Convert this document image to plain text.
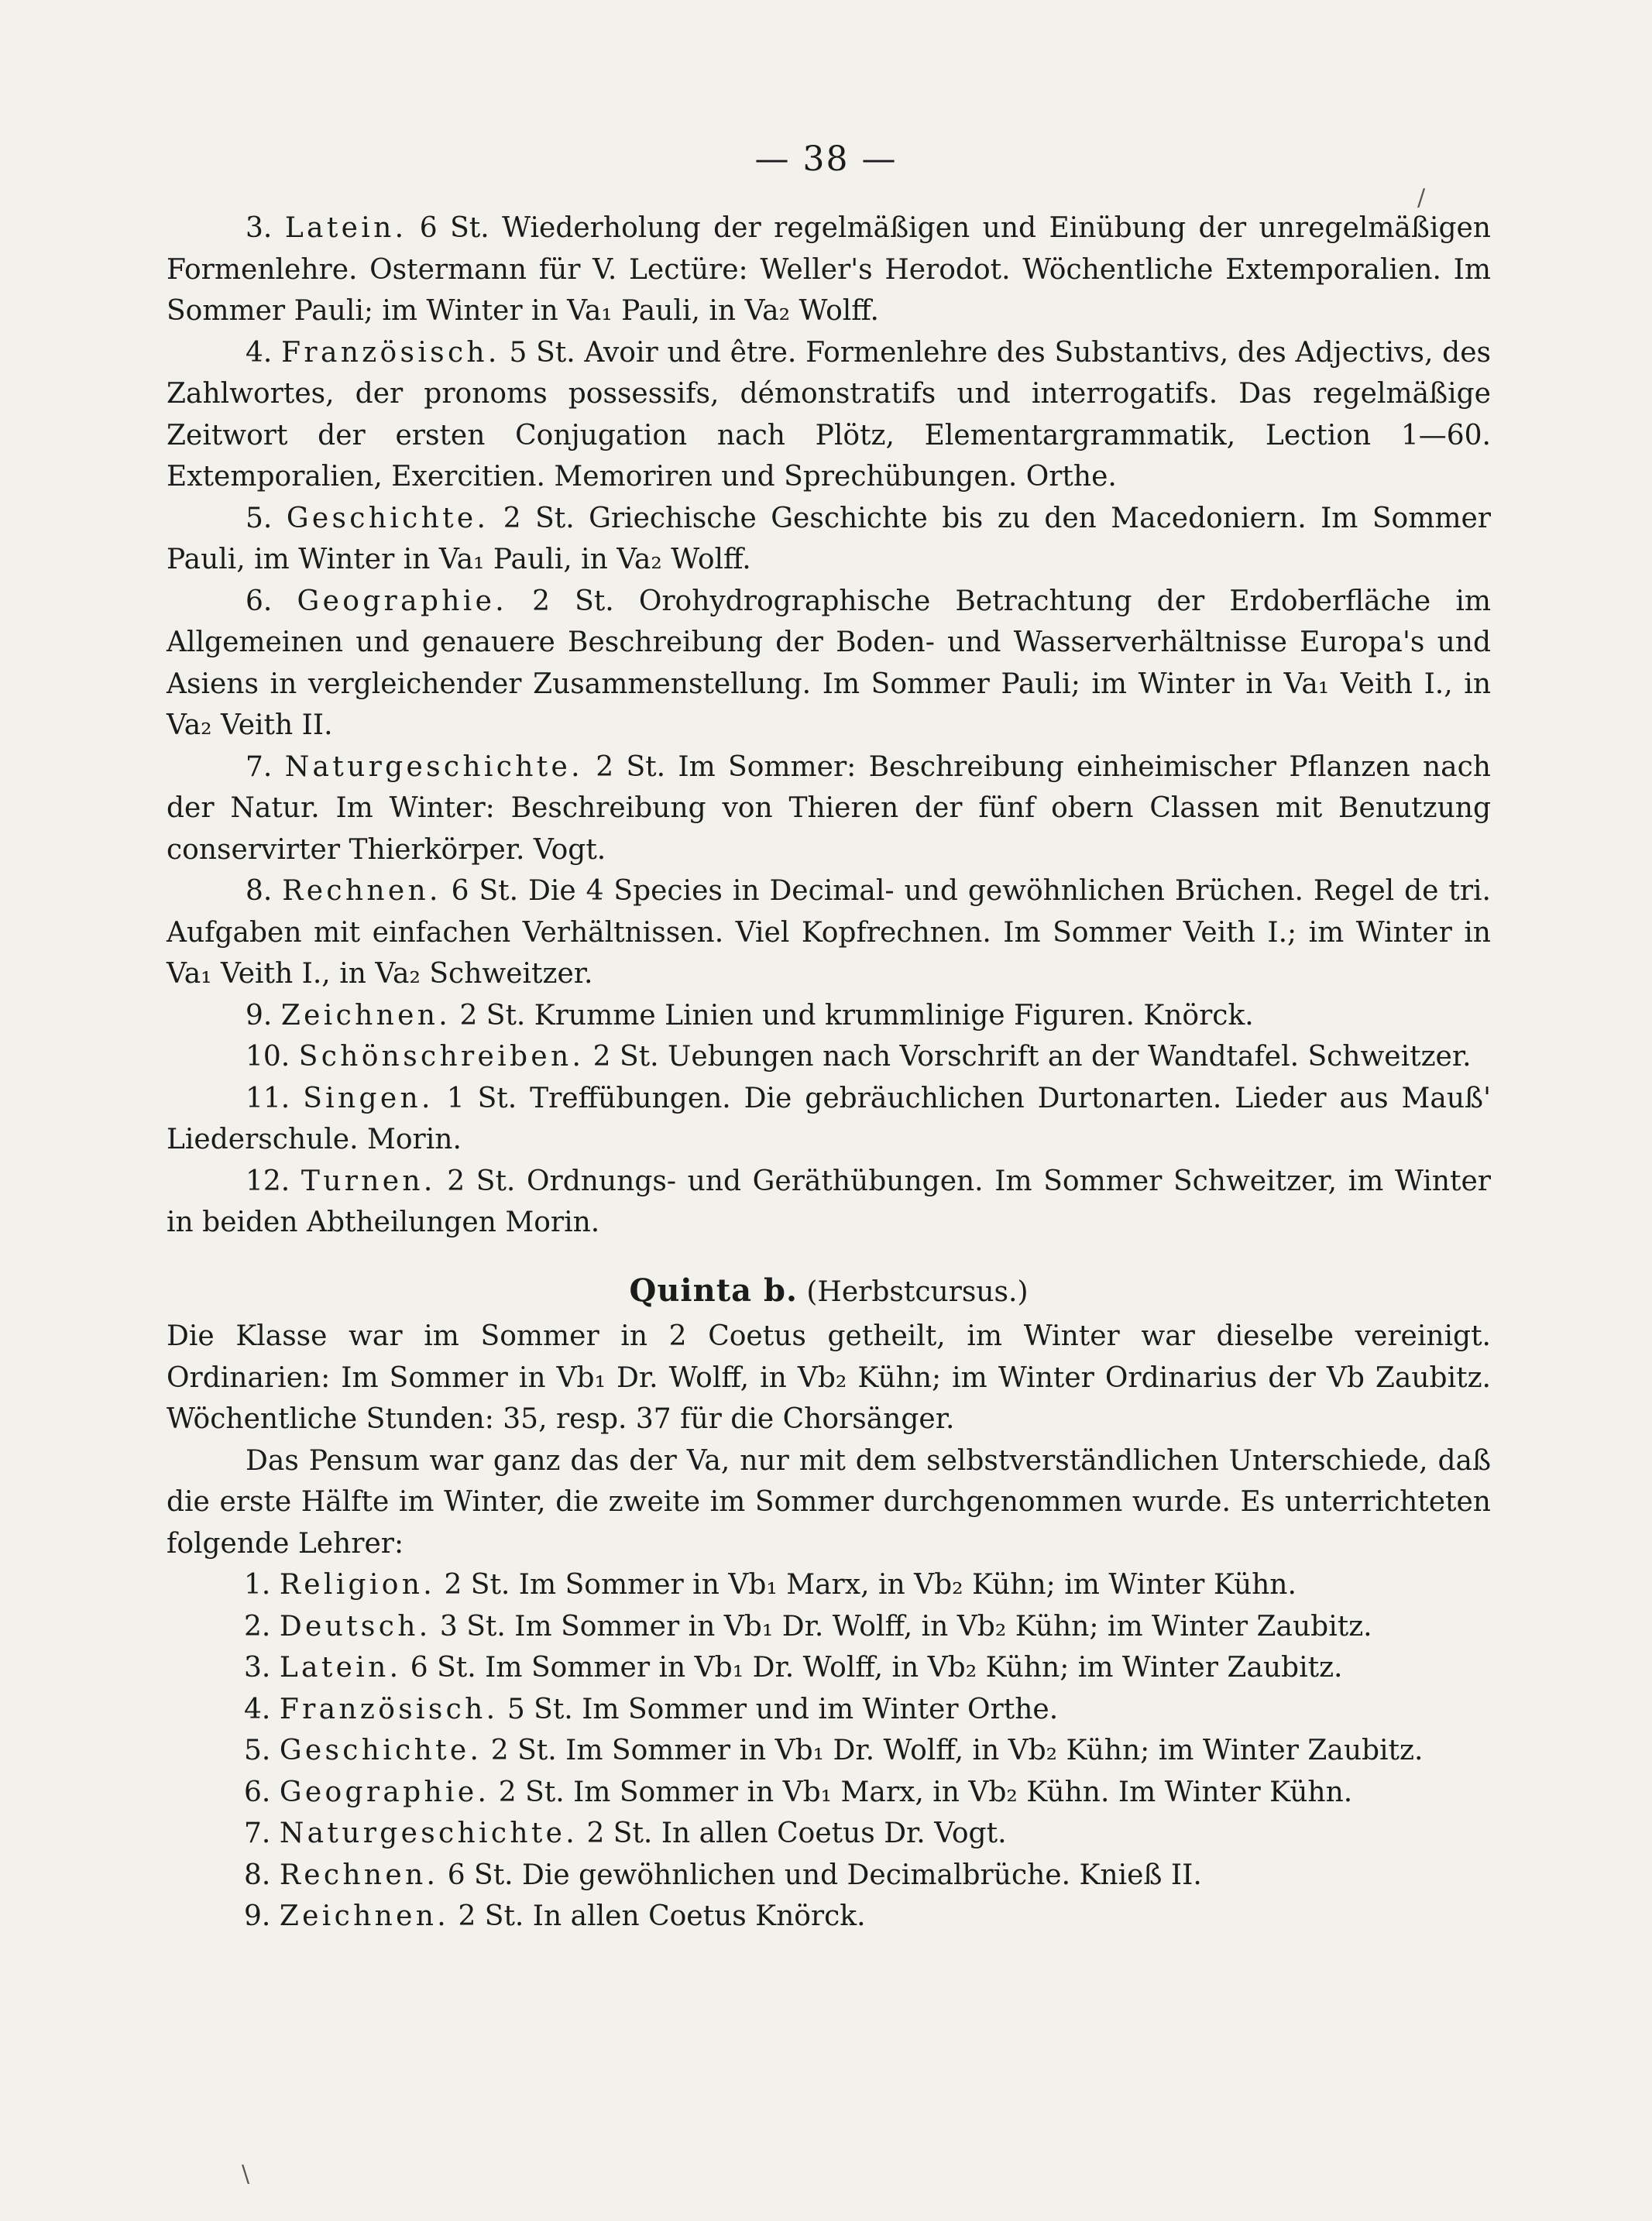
— 38 —

3. Latein. 6 St. Wiederholung der regelmäßigen und Einübung der unregelmäßigen Formenlehre. Ostermann für V. Lectüre: Weller's Herodot. Wöchentliche Extemporalien. Im Sommer Pauli; im Winter in Va₁ Pauli, in Va₂ Wolff.

4. Französisch. 5 St. Avoir und être. Formenlehre des Substantivs, des Adjectivs, des Zahlwortes, der pronoms possessifs, démonstratifs und interrogatifs. Das regelmäßige Zeitwort der ersten Conjugation nach Plötz, Elementargrammatik, Lection 1—60. Extemporalien, Exercitien. Memoriren und Sprechübungen. Orthe.

5. Geschichte. 2 St. Griechische Geschichte bis zu den Macedoniern. Im Sommer Pauli, im Winter in Va₁ Pauli, in Va₂ Wolff.

6. Geographie. 2 St. Orohydrographische Betrachtung der Erdoberfläche im Allgemeinen und genauere Beschreibung der Boden- und Wasserverhältnisse Europa's und Asiens in vergleichender Zusammenstellung. Im Sommer Pauli; im Winter in Va₁ Veith I., in Va₂ Veith II.

7. Naturgeschichte. 2 St. Im Sommer: Beschreibung einheimischer Pflanzen nach der Natur. Im Winter: Beschreibung von Thieren der fünf obern Classen mit Benutzung conservirter Thierkörper. Vogt.

8. Rechnen. 6 St. Die 4 Species in Decimal- und gewöhnlichen Brüchen. Regel de tri. Aufgaben mit einfachen Verhältnissen. Viel Kopfrechnen. Im Sommer Veith I.; im Winter in Va₁ Veith I., in Va₂ Schweitzer.

9. Zeichnen. 2 St. Krumme Linien und krummlinige Figuren. Knörck.

10. Schönschreiben. 2 St. Uebungen nach Vorschrift an der Wandtafel. Schweitzer.

11. Singen. 1 St. Treffübungen. Die gebräuchlichen Durtonarten. Lieder aus Mauß' Liederschule. Morin.

12. Turnen. 2 St. Ordnungs- und Geräthübungen. Im Sommer Schweitzer, im Winter in beiden Abtheilungen Morin.

Quinta b. (Herbstcursus.)

Die Klasse war im Sommer in 2 Coetus getheilt, im Winter war dieselbe vereinigt. Ordinarien: Im Sommer in Vb₁ Dr. Wolff, in Vb₂ Kühn; im Winter Ordinarius der Vb Zaubitz. Wöchentliche Stunden: 35, resp. 37 für die Chorsänger.

Das Pensum war ganz das der Va, nur mit dem selbstverständlichen Unterschiede, daß die erste Hälfte im Winter, die zweite im Sommer durchgenommen wurde. Es unterrichteten folgende Lehrer:

1. Religion. 2 St. Im Sommer in Vb₁ Marx, in Vb₂ Kühn; im Winter Kühn.

2. Deutsch. 3 St. Im Sommer in Vb₁ Dr. Wolff, in Vb₂ Kühn; im Winter Zaubitz.

3. Latein. 6 St. Im Sommer in Vb₁ Dr. Wolff, in Vb₂ Kühn; im Winter Zaubitz.

4. Französisch. 5 St. Im Sommer und im Winter Orthe.

5. Geschichte. 2 St. Im Sommer in Vb₁ Dr. Wolff, in Vb₂ Kühn; im Winter Zaubitz.

6. Geographie. 2 St. Im Sommer in Vb₁ Marx, in Vb₂ Kühn. Im Winter Kühn.

7. Naturgeschichte. 2 St. In allen Coetus Dr. Vogt.

8. Rechnen. 6 St. Die gewöhnlichen und Decimalbrüche. Knieß II.

9. Zeichnen. 2 St. In allen Coetus Knörck.

\
/
